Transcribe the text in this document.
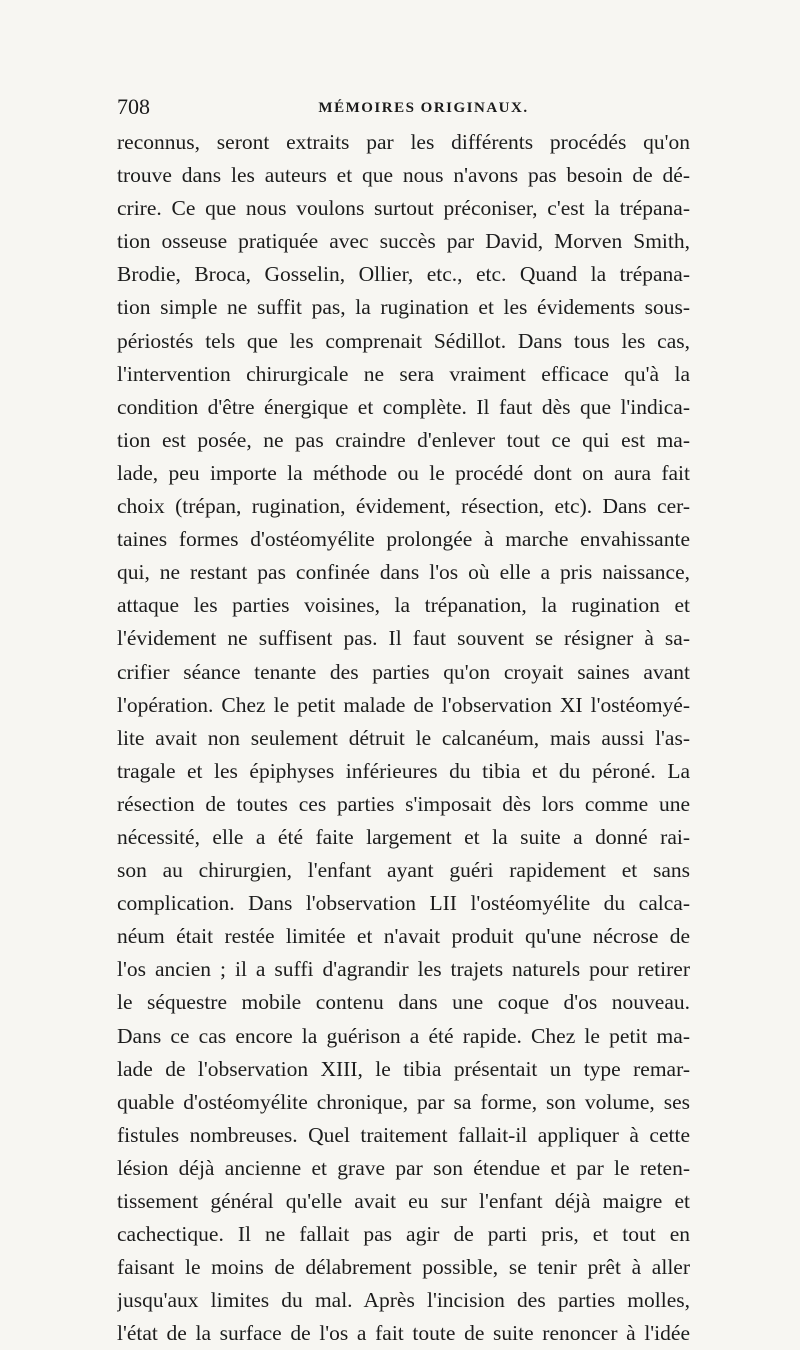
708	MÉMOIRES ORIGINAUX.
reconnus, seront extraits par les différents procédés qu'on
trouve dans les auteurs et que nous n'avons pas besoin de dé-
crire. Ce que nous voulons surtout préconiser, c'est la trépana-
tion osseuse pratiquée avec succès par David, Morven Smith,
Brodie, Broca, Gosselin, Ollier, etc., etc. Quand la trépana-
tion simple ne suffit pas, la rugination et les évidements sous-
périostés tels que les comprenait Sédillot. Dans tous les cas,
l'intervention chirurgicale ne sera vraiment efficace qu'à la
condition d'être énergique et complète. Il faut dès que l'indica-
tion est posée, ne pas craindre d'enlever tout ce qui est ma-
lade, peu importe la méthode ou le procédé dont on aura fait
choix (trépan, rugination, évidement, résection, etc). Dans cer-
taines formes d'ostéomyélite prolongée à marche envahissante
qui, ne restant pas confinée dans l'os où elle a pris naissance,
attaque les parties voisines, la trépanation, la rugination et
l'évidement ne suffisent pas. Il faut souvent se résigner à sa-
crifier séance tenante des parties qu'on croyait saines avant
l'opération. Chez le petit malade de l'observation XI l'ostéomyé-
lite avait non seulement détruit le calcanéum, mais aussi l'as-
tragale et les épiphyses inférieures du tibia et du péroné. La
résection de toutes ces parties s'imposait dès lors comme une
nécessité, elle a été faite largement et la suite a donné rai-
son au chirurgien, l'enfant ayant guéri rapidement et sans
complication. Dans l'observation LII l'ostéomyélite du calca-
néum était restée limitée et n'avait produit qu'une nécrose de
l'os ancien ; il a suffi d'agrandir les trajets naturels pour retirer
le séquestre mobile contenu dans une coque d'os nouveau.
Dans ce cas encore la guérison a été rapide. Chez le petit ma-
lade de l'observation XIII, le tibia présentait un type remar-
quable d'ostéomyélite chronique, par sa forme, son volume, ses
fistules nombreuses. Quel traitement fallait-il appliquer à cette
lésion déjà ancienne et grave par son étendue et par le reten-
tissement général qu'elle avait eu sur l'enfant déjà maigre et
cachectique. Il ne fallait pas agir de parti pris, et tout en
faisant le moins de délabrement possible, se tenir prêt à aller
jusqu'aux limites du mal. Après l'incision des parties molles,
l'état de la surface de l'os a fait toute de suite renoncer à l'idée
